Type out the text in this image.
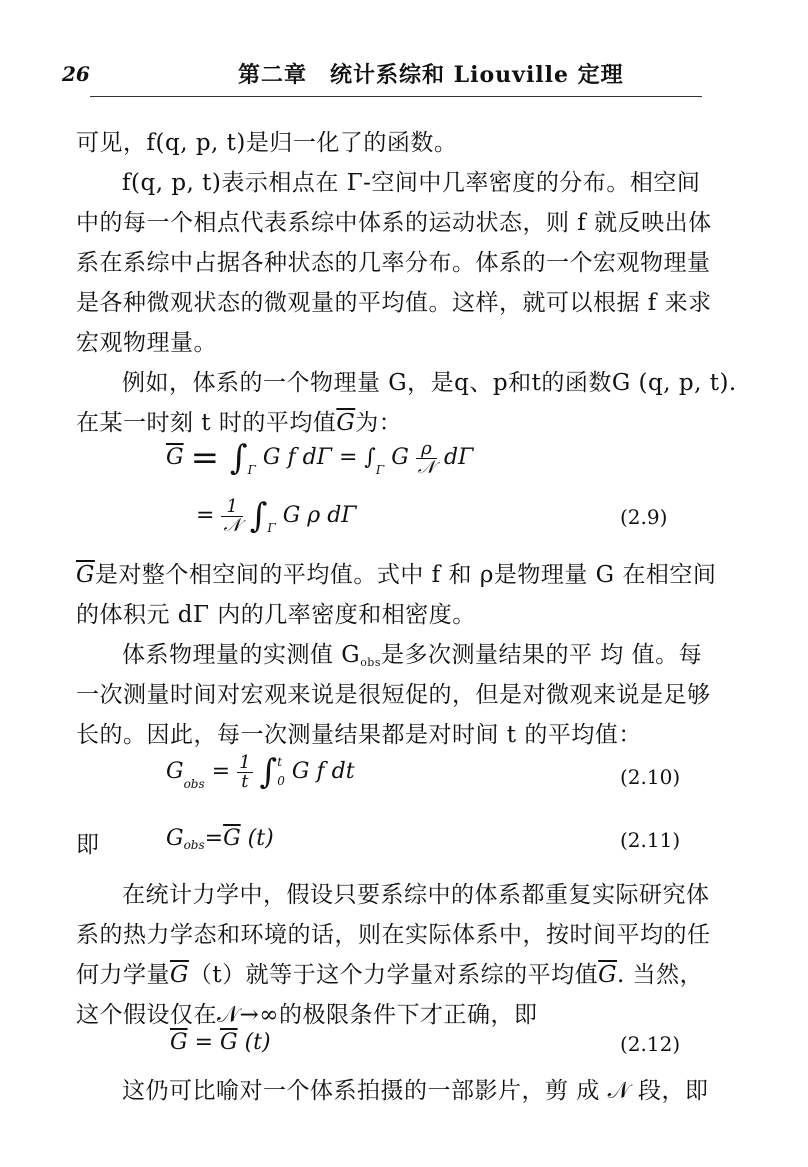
26	第二章　统计系综和 Liouville 定理
可见，f(q, p, t)是归一化了的函数。
f(q, p, t)表示相点在 Γ-空间中几率密度的分布。相空间
中的每一个相点代表系综中体系的运动状态，则 f 就反映出体
系在系综中占据各种状态的几率分布。体系的一个宏观物理量
是各种微观状态的微观量的平均值。这样，就可以根据 f 来求
宏观物理量。
例如，体系的一个物理量 G，是q、p和t的函数G (q, p, t).
在某一时刻 t 时的平均值$\overline{G}$为：
$\overline{G} = \int_\Gamma$ G f $d\Gamma = \int_\Gamma$ G $\frac{\rho}{\text{𝒩}}$ dΓ
= $\frac{1}{\text{𝒩}} \int_\Gamma$ G ρ dΓ	(2.9)
$\overline{G}$是对整个相空间的平均值。式中 f 和 ρ是物理量 G 在相空间
的体积元 dΓ 内的几率密度和相密度。
体系物理量的实测值 $G_{obs}$是多次测量结果的平 均 值。每
一次测量时间对宏观来说是很短促的，但是对微观来说是足够
长的。因此，每一次测量结果都是对时间 t 的平均值：
$G_{obs} = \frac{1}{t}$ ∫ t
0 G f dt	(2.10)
即	$G_{obs}=\overline{G}$ (t)	(2.11)
在统计力学中，假设只要系综中的体系都重复实际研究体
系的热力学态和环境的话，则在实际体系中，按时间平均的任
何力学量$\overline{G}(t)$就等于这个力学量对系综的平均值$\overline{G}$. 当然，
这个假设仅在𝒩→∞的极限条件下才正确，即
$\overline{G} = \overline{G}$ (t)	(2.12)
这仍可比喻对一个体系拍摄的一部影片，剪 成 𝒩 段，即
